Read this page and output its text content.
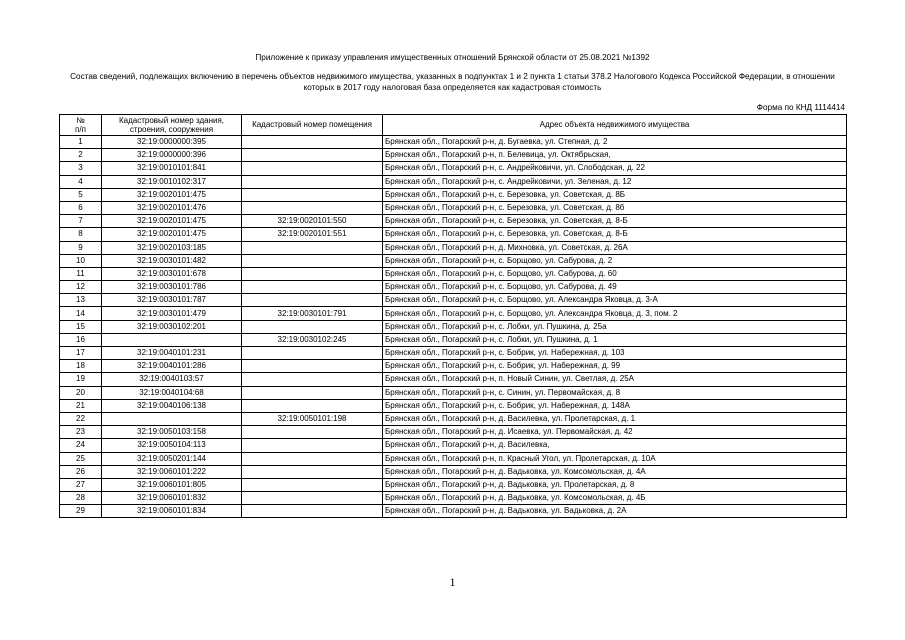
Приложение к приказу управления имущественных отношений Брянской области от 25.08.2021 №1392
Состав сведений, подлежащих включению в перечень объектов недвижимого имущества, указанных в подпунктах 1 и 2 пункта 1 статьи 378.2 Налогового Кодекса Российской Федерации, в отношении которых в 2017 году налоговая база определяется как кадастровая стоимость
Форма по КНД 1114414
№
п/п	Кадастровый номер здания, строения, сооружения	Кадастровый номер помещения	Адрес объекта недвижимого имущества
1	32:19:0000000:395		Брянская обл., Погарский р-н, д. Бугаевка, ул. Степная, д. 2
2	32:19:0000000:396		Брянская обл., Погарский р-н, п. Белевица, ул. Октябрьская,
3	32:19:0010101:841		Брянская обл., Погарский р-н, с. Андрейковичи, ул. Слободская, д. 22
4	32:19:0010102:317		Брянская обл., Погарский р-н, с. Андрейковичи, ул. Зеленая, д. 12
5	32:19:0020101:475		Брянская обл., Погарский р-н, с. Березовка, ул. Советская, д. 8Б
6	32:19:0020101:476		Брянская обл., Погарский р-н, с. Березовка, ул. Советская, д. 8б
7	32:19:0020101:475	32:19:0020101:550	Брянская обл., Погарский р-н, с. Березовка, ул. Советская, д. 8-Б
8	32:19:0020101:475	32:19:0020101:551	Брянская обл., Погарский р-н, с. Березовка, ул. Советская, д. 8-Б
9	32:19:0020103:185		Брянская обл., Погарский р-н, д. Михновка, ул. Советская, д. 26А
10	32:19:0030101:482		Брянская обл., Погарский р-н, с. Борщово, ул. Сабурова, д. 2
11	32:19:0030101:678		Брянская обл., Погарский р-н, с. Борщово, ул. Сабурова, д. 60
12	32:19:0030101:786		Брянская обл., Погарский р-н, с. Борщово, ул. Сабурова, д. 49
13	32:19:0030101:787		Брянская обл., Погарский р-н, с. Борщово, ул. Александра Яковца, д. 3-А
14	32:19:0030101:479	32:19:0030101:791	Брянская обл., Погарский р-н, с. Борщово, ул. Александра Яковца, д. 3, пом. 2
15	32:19:0030102:201		Брянская обл., Погарский р-н, с. Лобки, ул. Пушкина, д. 25а
16		32:19:0030102:245	Брянская обл., Погарский р-н, с. Лобки, ул. Пушкина, д. 1
17	32:19:0040101:231		Брянская обл., Погарский р-н, с. Бобрик, ул. Набережная, д. 103
18	32:19:0040101:286		Брянская обл., Погарский р-н, с. Бобрик, ул. Набережная, д. 99
19	32:19:0040103:57		Брянская обл., Погарский р-н, п. Новый Синин, ул. Светлая, д. 25А
20	32:19:0040104:68		Брянская обл., Погарский р-н, с. Синин, ул. Первомайская, д. 8
21	32:19:0040106:138		Брянская обл., Погарский р-н, с. Бобрик, ул. Набережная, д. 148А
22		32:19:0050101:198	Брянская обл., Погарский р-н, д. Василевка, ул. Пролетарская, д. 1
23	32:19:0050103:158		Брянская обл., Погарский р-н, д. Исаевка, ул. Первомайская, д. 42
24	32:19:0050104:113		Брянская обл., Погарский р-н, д. Василевка,
25	32:19:0050201:144		Брянская обл., Погарский р-н, п. Красный Угол, ул. Пролетарская, д. 10А
26	32:19:0060101:222		Брянская обл., Погарский р-н, д. Вадьковка, ул. Комсомольская, д. 4А
27	32:19:0060101:805		Брянская обл., Погарский р-н, д. Вадьковка, ул. Пролетарская, д. 8
28	32:19:0060101:832		Брянская обл., Погарский р-н, д. Вадьковка, ул. Комсомольская, д. 4Б
29	32:19:0060101:834		Брянская обл., Погарский р-н, д. Вадьковка, ул. Вадьковка, д. 2А
1
